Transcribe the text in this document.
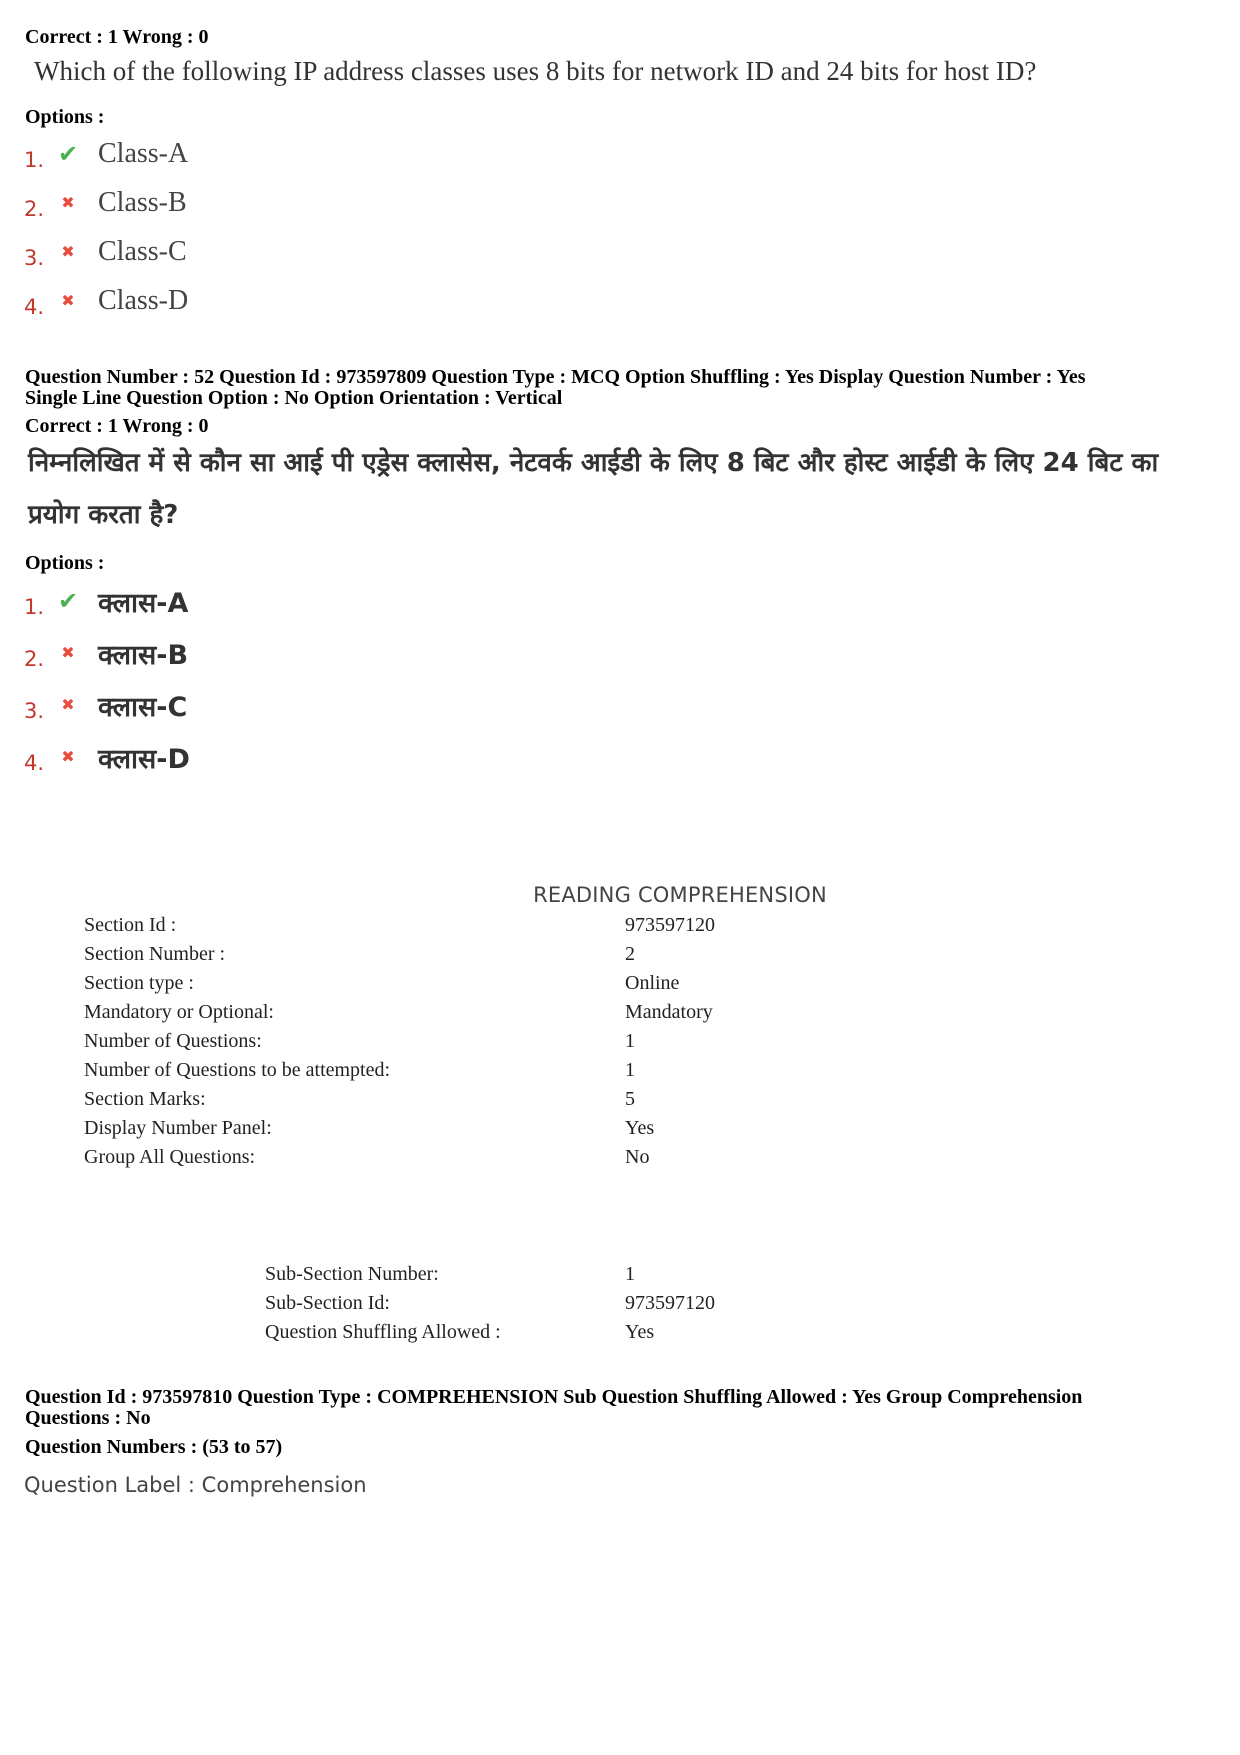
Correct : 1 Wrong : 0
Which of the following IP address classes uses 8 bits for network ID and 24 bits for host ID?
Options :
1. ✔ Class-A
2.	✖ Class-B
3.	✖ Class-C
4.	✖ Class-D
Question Number : 52 Question Id : 973597809 Question Type : MCQ Option Shuffling : Yes Display Question Number : Yes
Single Line Question Option : No Option Orientation : Vertical
Correct : 1 Wrong : 0
निम्नलिखित में से कौन सा आई पी एड्रेस क्लासेस, नेटवर्क आईडी के लिए 8 बिट और होस्ट आईडी के लिए 24 बिट का प्रयोग करता है?
Options :
1. ✔ क्लास-A
2.	✖ क्लास-B
3.	✖ क्लास-C
4.	✖ क्लास-D
READING COMPREHENSION
Section Id :	973597120
Section Number :	2
Section type :	Online
Mandatory or Optional:	Mandatory
Number of Questions:	1
Number of Questions to be attempted:	1
Section Marks:	5
Display Number Panel:	Yes
Group All Questions:	No
Sub-Section Number:	1
Sub-Section Id:	973597120
Question Shuffling Allowed :	Yes
Question Id : 973597810 Question Type : COMPREHENSION Sub Question Shuffling Allowed : Yes Group Comprehension
Questions : No
Question Numbers : (53 to 57)
Question Label : Comprehension
